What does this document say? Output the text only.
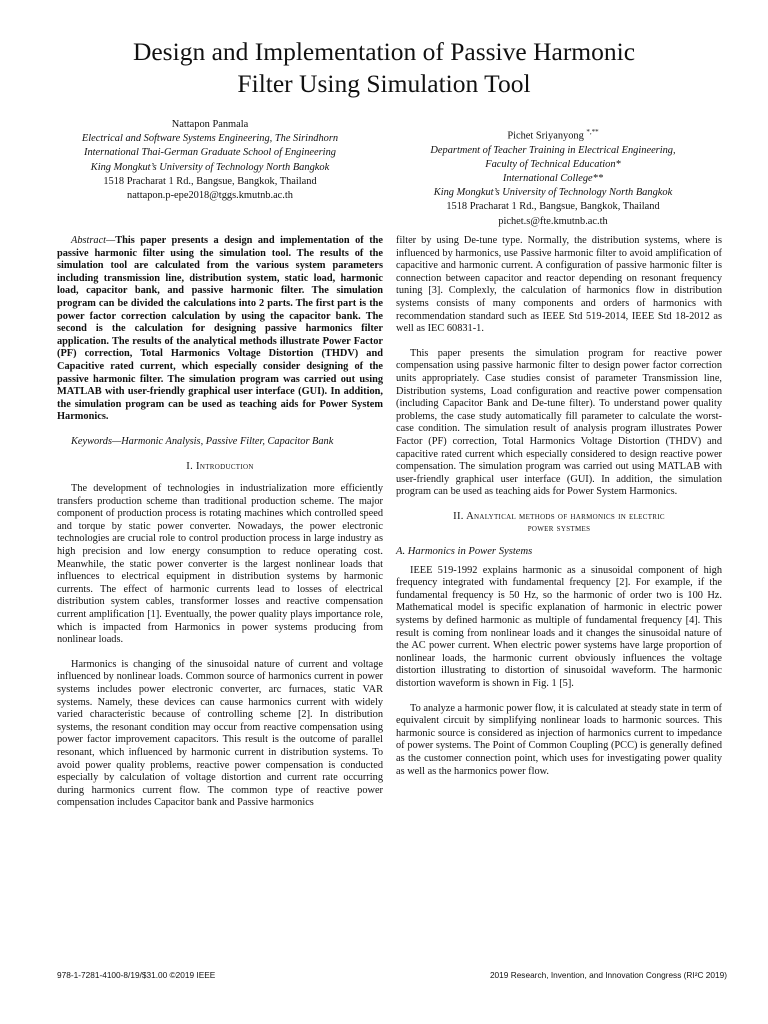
Design and Implementation of Passive Harmonic
Filter Using Simulation Tool
Nattapon Panmala
Electrical and Software Systems Engineering, The Sirindhorn
International Thai-German Graduate School of Engineering
King Mongkut’s University of Technology North Bangkok
1518 Pracharat 1 Rd., Bangsue, Bangkok, Thailand
nattapon.p-epe2018@tggs.kmutnb.ac.th
Pichet Sriyanyong *,**
Department of Teacher Training in Electrical Engineering,
Faculty of Technical Education*
International College**
King Mongkut’s University of Technology North Bangkok
1518 Pracharat 1 Rd., Bangsue, Bangkok, Thailand
pichet.s@fte.kmutnb.ac.th

Abstract—This paper presents a design and implementation of the passive harmonic filter using the simulation tool. The results of the simulation tool are calculated from the various system parameters including transmission line, distribution system, static load, harmonic load, capacitor bank, and passive harmonic filter. The simulation program can be divided the calculations into 2 parts. The first part is the power factor correction calculation by using the capacitor bank. The second is the calculation for designing passive harmonics filter application. The results of the analytical methods illustrate Power Factor (PF) correction, Total Harmonics Voltage Distortion (THDV) and Capacitive rated current, which especially consider designing of the passive harmonic filter. The simulation program was carried out using MATLAB with user-friendly graphical user interface (GUI). In addition, the simulation program can be used as teaching aids for Power System Harmonics.

Keywords—Harmonic Analysis, Passive Filter, Capacitor Bank

I. Introduction

The development of technologies in industrialization more efficiently transfers production scheme than traditional production scheme. The major component of production process is rotating machines which controlled speed and torque by static power converter. Nowadays, the power electronic technologies are crucial role to control production process in large industry as high precision and low energy consumption to reduce operating cost. Meanwhile, the static power converter is the largest nonlinear loads that influences to electrical equipment in distribution systems by harmonic currents. The effect of harmonic currents lead to losses of electrical distribution system cables, transformer losses and reactive compensation current amplification [1]. Eventually, the power quality plays importance role, which is impacted from Harmonics in power systems producing from nonlinear loads.

Harmonics is changing of the sinusoidal nature of current and voltage influenced by nonlinear loads. Common source of harmonics current in power systems includes power electronic converter, arc furnaces, static VAR systems. Namely, these devices can cause harmonics current with widely varied characteristic because of controlling scheme [2]. In distribution systems, the resonant condition may occur from reactive compensation using power factor improvement capacitors. This result is the outcome of parallel resonant, which influenced by harmonic current in distribution systems. To avoid power quality problems, reactive power compensation is conducted especially by calculation of voltage distortion and current rate occurring during harmonics current flow. The common type of reactive power compensation includes Capacitor bank and Passive harmonics

filter by using De-tune type. Normally, the distribution systems, where is influenced by harmonics, use Passive harmonic filter to avoid amplification of capacitive and harmonic current. A configuration of passive harmonic filter is connection between capacitor and reactor depending on resonant frequency tuning [3]. Complexly, the calculation of harmonics flow in distribution systems consists of many components and orders of harmonics with recommendation standard such as IEEE Std 519-2014, IEEE Std 18-2012 as well as IEC 60831-1.

This paper presents the simulation program for reactive power compensation using passive harmonic filter to design power factor correction units appropriately. Case studies consist of parameter Transmission line, Distribution systems, Load configuration and reactive power compensation (including Capacitor Bank and De-tune filter). To understand power quality problems, the case study automatically fill parameter to calculate the worst-case condition. The simulation result of analysis program illustrates Power Factor (PF) correction, Total Harmonics Voltage Distortion (THDV) and capacitive rated current which especially considered to design reactive power compensation. The simulation program was carried out using MATLAB with user-friendly graphical user interface (GUI). In addition, the simulation program can be used as teaching aids for Power System Harmonics.

II. Analytical methods of harmonics in electric
power systmes

A. Harmonics in Power Systems

IEEE 519-1992 explains harmonic as a sinusoidal component of high frequency integrated with fundamental frequency [2]. For example, if the fundamental frequency is 50 Hz, so the harmonic of order two is 100 Hz. Mathematical model is specific explanation of harmonic in electric power systems by defined harmonic as multiple of fundamental frequency [4]. This result is coming from nonlinear loads and it changes the sinusoidal nature of the AC power current. When electric power systems have large proportion of nonlinear loads, the harmonic current obviously influences the voltage distortion illustrating to distortion of sinusoidal waveform. The harmonic distortion waveform is shown in Fig. 1 [5].

To analyze a harmonic power flow, it is calculated at steady state in term of equivalent circuit by simplifying nonlinear loads to harmonic sources. This harmonic source is considered as injection of harmonics current to impedance of power systems. The Point of Common Coupling (PCC) is generally defined as the customer connection point, which uses for investigating power quality as well as the harmonics power flow.

978-1-7281-4100-8/19/$31.00 ©2019 IEEE	2019 Research, Invention, and Innovation Congress (RI²C 2019)
